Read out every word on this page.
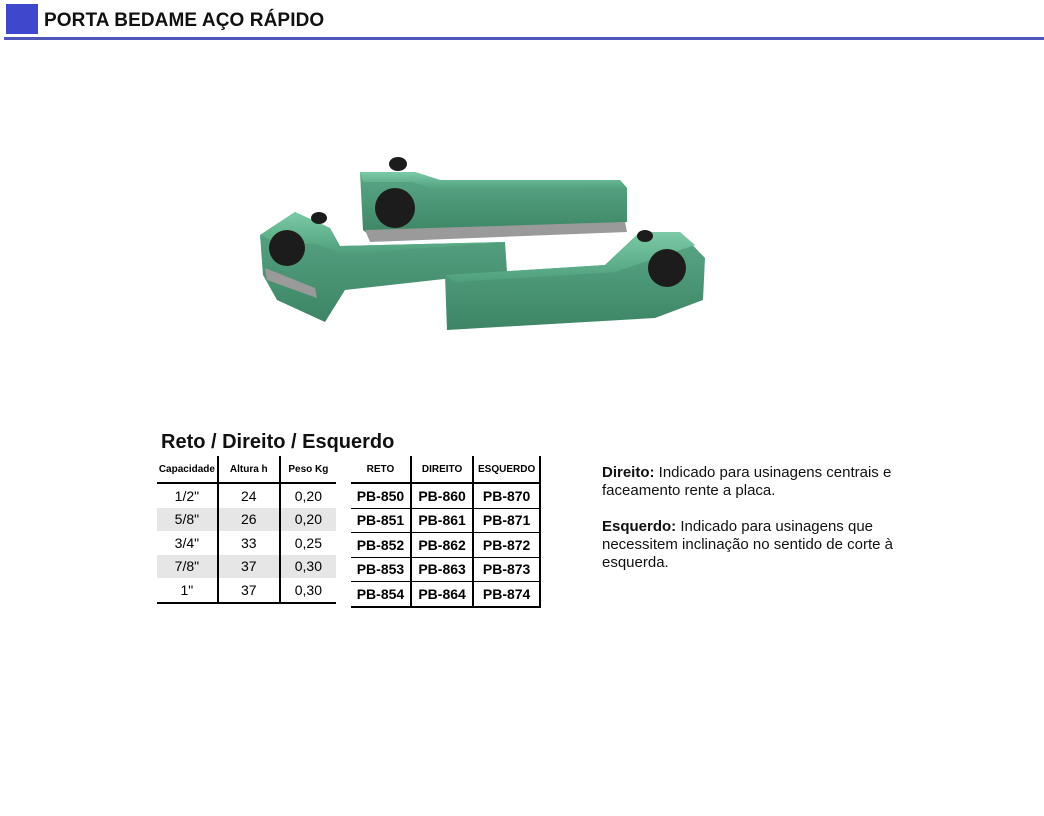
PORTA BEDAME AÇO RÁPIDO
Reto / Direito / Esquerdo
Capacidade	Altura h	Peso Kg
1/2"	24	0,20
5/8"	26	0,20
3/4"	33	0,25
7/8"	37	0,30
1"	37	0,30
RETO	DIREITO	ESQUERDO
PB-850	PB-860	PB-870
PB-851	PB-861	PB-871
PB-852	PB-862	PB-872
PB-853	PB-863	PB-873
PB-854	PB-864	PB-874

Direito: Indicado para usinagens centrais e faceamento rente a placa.

Esquerdo: Indicado para usinagens que necessitem inclinação no sentido de corte à esquerda.
